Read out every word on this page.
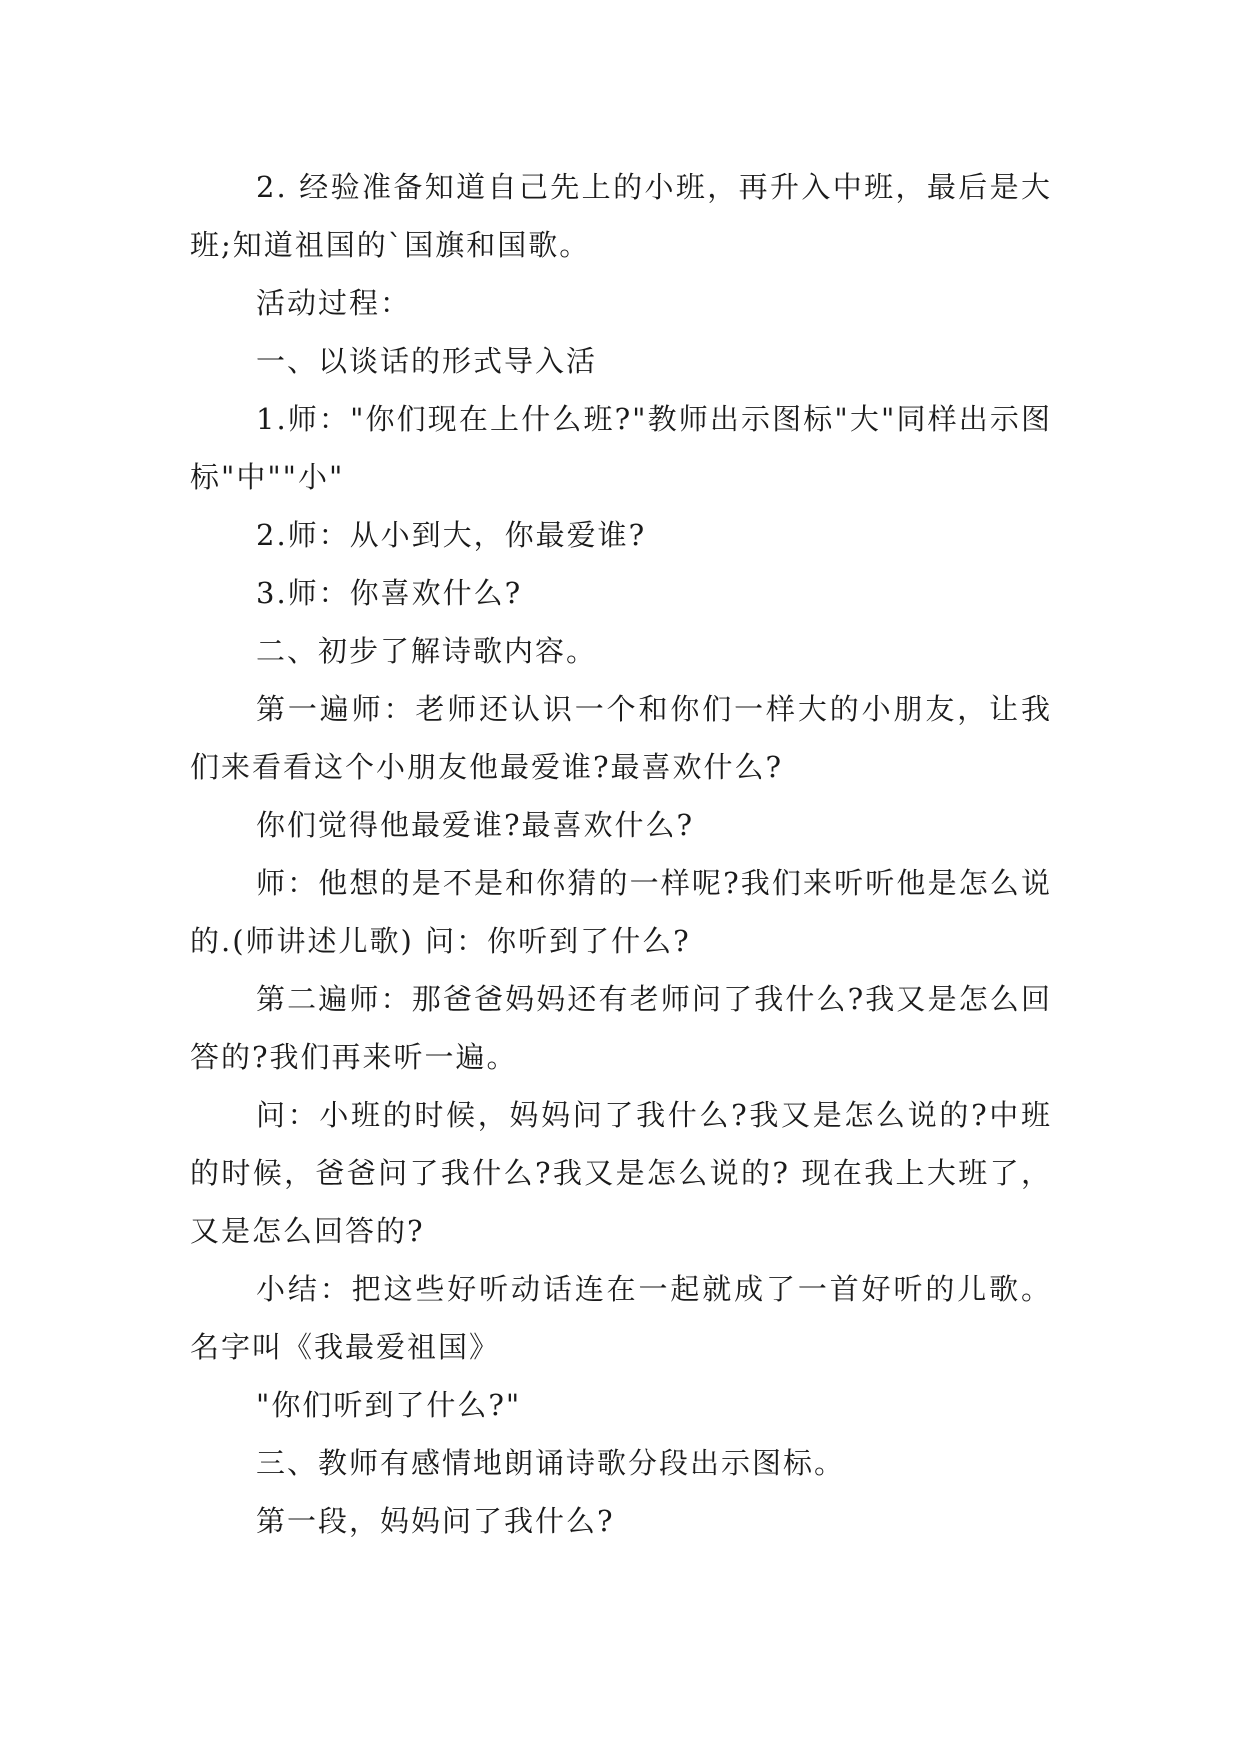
2. 经验准备知道自己先上的小班，再升入中班，最后是大班;知道祖国的`国旗和国歌。

活动过程：

一、以谈话的形式导入活

1.师："你们现在上什么班?"教师出示图标"大"同样出示图标"中""小"

2.师：从小到大，你最爱谁?

3.师：你喜欢什么?

二、初步了解诗歌内容。

第一遍师：老师还认识一个和你们一样大的小朋友，让我们来看看这个小朋友他最爱谁?最喜欢什么?

你们觉得他最爱谁?最喜欢什么?

师：他想的是不是和你猜的一样呢?我们来听听他是怎么说的.(师讲述儿歌) 问：你听到了什么?

第二遍师：那爸爸妈妈还有老师问了我什么?我又是怎么回答的?我们再来听一遍。

问：小班的时候，妈妈问了我什么?我又是怎么说的?中班的时候，爸爸问了我什么?我又是怎么说的? 现在我上大班了，又是怎么回答的?

小结：把这些好听动话连在一起就成了一首好听的儿歌。名字叫《我最爱祖国》

"你们听到了什么?"

三、教师有感情地朗诵诗歌分段出示图标。

第一段，妈妈问了我什么?
